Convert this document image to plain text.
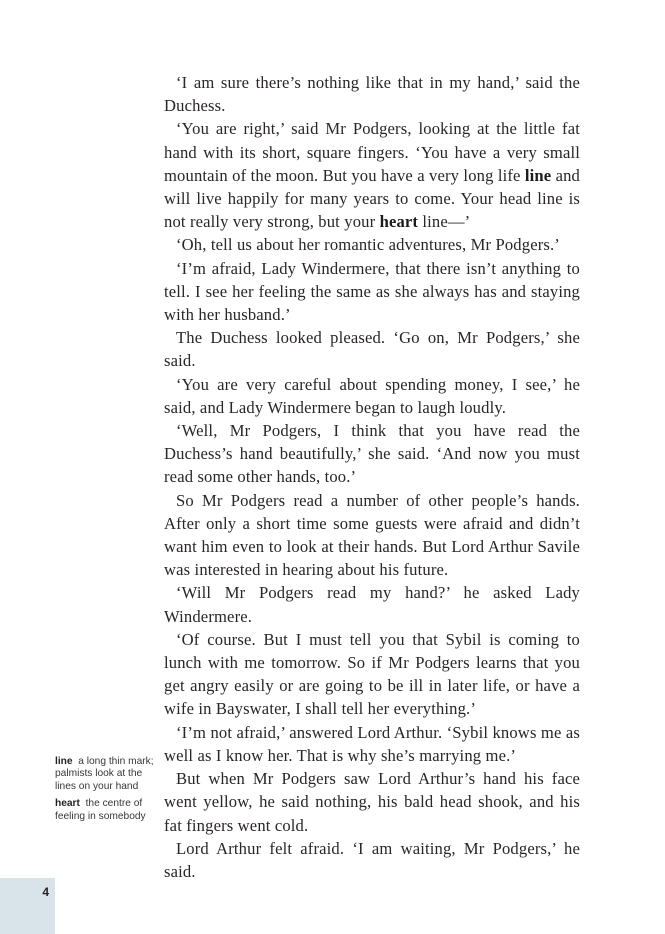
‘I am sure there’s nothing like that in my hand,’ said the Duchess.

‘You are right,’ said Mr Podgers, looking at the little fat hand with its short, square fingers. ‘You have a very small mountain of the moon. But you have a very long life line and will live happily for many years to come. Your head line is not really very strong, but your heart line—’

‘Oh, tell us about her romantic adventures, Mr Podgers.’

‘I’m afraid, Lady Windermere, that there isn’t anything to tell. I see her feeling the same as she always has and staying with her husband.’

The Duchess looked pleased. ‘Go on, Mr Podgers,’ she said.

‘You are very careful about spending money, I see,’ he said, and Lady Windermere began to laugh loudly.

‘Well, Mr Podgers, I think that you have read the Duchess’s hand beautifully,’ she said. ‘And now you must read some other hands, too.’

So Mr Podgers read a number of other people’s hands. After only a short time some guests were afraid and didn’t want him even to look at their hands. But Lord Arthur Savile was interested in hearing about his future.

‘Will Mr Podgers read my hand?’ he asked Lady Windermere.

‘Of course. But I must tell you that Sybil is coming to lunch with me tomorrow. So if Mr Podgers learns that you get angry easily or are going to be ill in later life, or have a wife in Bayswater, I shall tell her everything.’

‘I’m not afraid,’ answered Lord Arthur. ‘Sybil knows me as well as I know her. That is why she’s marrying me.’

But when Mr Podgers saw Lord Arthur’s hand his face went yellow, he said nothing, his bald head shook, and his fat fingers went cold.

Lord Arthur felt afraid. ‘I am waiting, Mr Podgers,’ he said.

line a long thin mark; palmists look at the lines on your hand

heart the centre of feeling in somebody

4
